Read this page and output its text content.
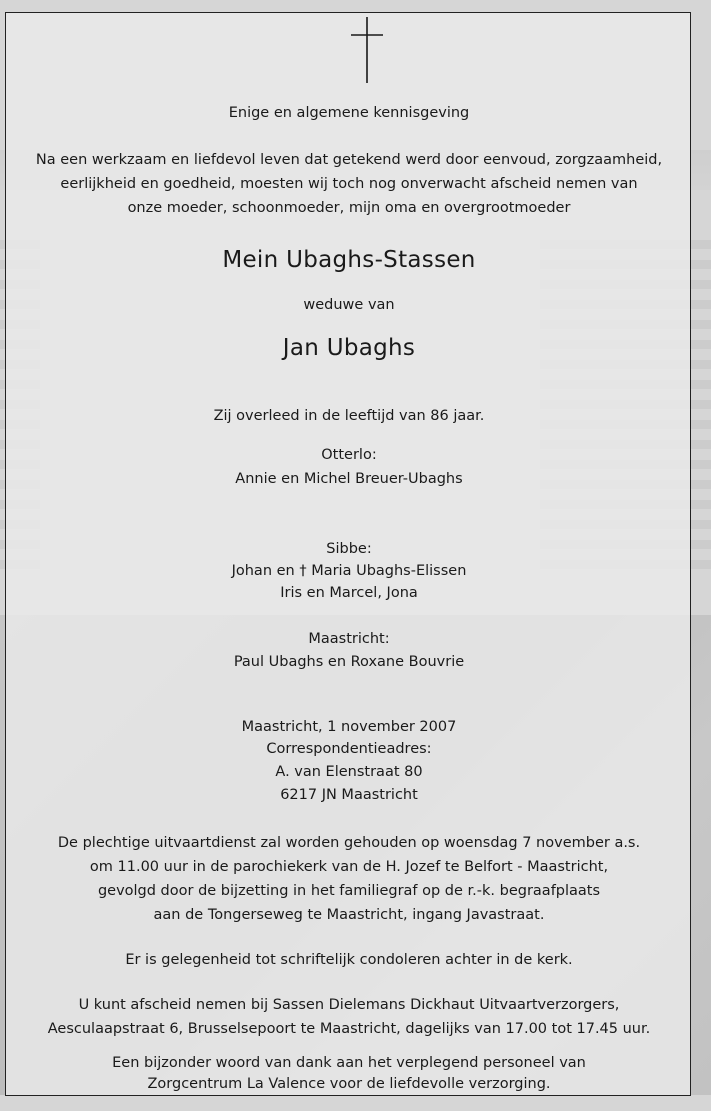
Enige en algemene kennisgeving
Na een werkzaam en liefdevol leven dat getekend werd door eenvoud, zorgzaamheid,
eerlijkheid en goedheid, moesten wij toch nog onverwacht afscheid nemen van
onze moeder, schoonmoeder, mijn oma en overgrootmoeder
Mein Ubaghs-Stassen
weduwe van
Jan Ubaghs
Zij overleed in de leeftijd van 86 jaar.
Otterlo:
Annie en Michel Breuer-Ubaghs
Sibbe:
Johan en † Maria Ubaghs-Elissen
Iris en Marcel, Jona
Maastricht:
Paul Ubaghs en Roxane Bouvrie
Maastricht, 1 november 2007
Correspondentieadres:
A. van Elenstraat 80
6217 JN Maastricht
De plechtige uitvaartdienst zal worden gehouden op woensdag 7 november a.s.
om 11.00 uur in de parochiekerk van de H. Jozef te Belfort - Maastricht,
gevolgd door de bijzetting in het familiegraf op de r.-k. begraafplaats
aan de Tongerseweg te Maastricht, ingang Javastraat.
Er is gelegenheid tot schriftelijk condoleren achter in de kerk.
U kunt afscheid nemen bij Sassen Dielemans Dickhaut Uitvaartverzorgers,
Aesculaapstraat 6, Brusselsepoort te Maastricht, dagelijks van 17.00 tot 17.45 uur.
Een bijzonder woord van dank aan het verplegend personeel van
Zorgcentrum La Valence voor de liefdevolle verzorging.
